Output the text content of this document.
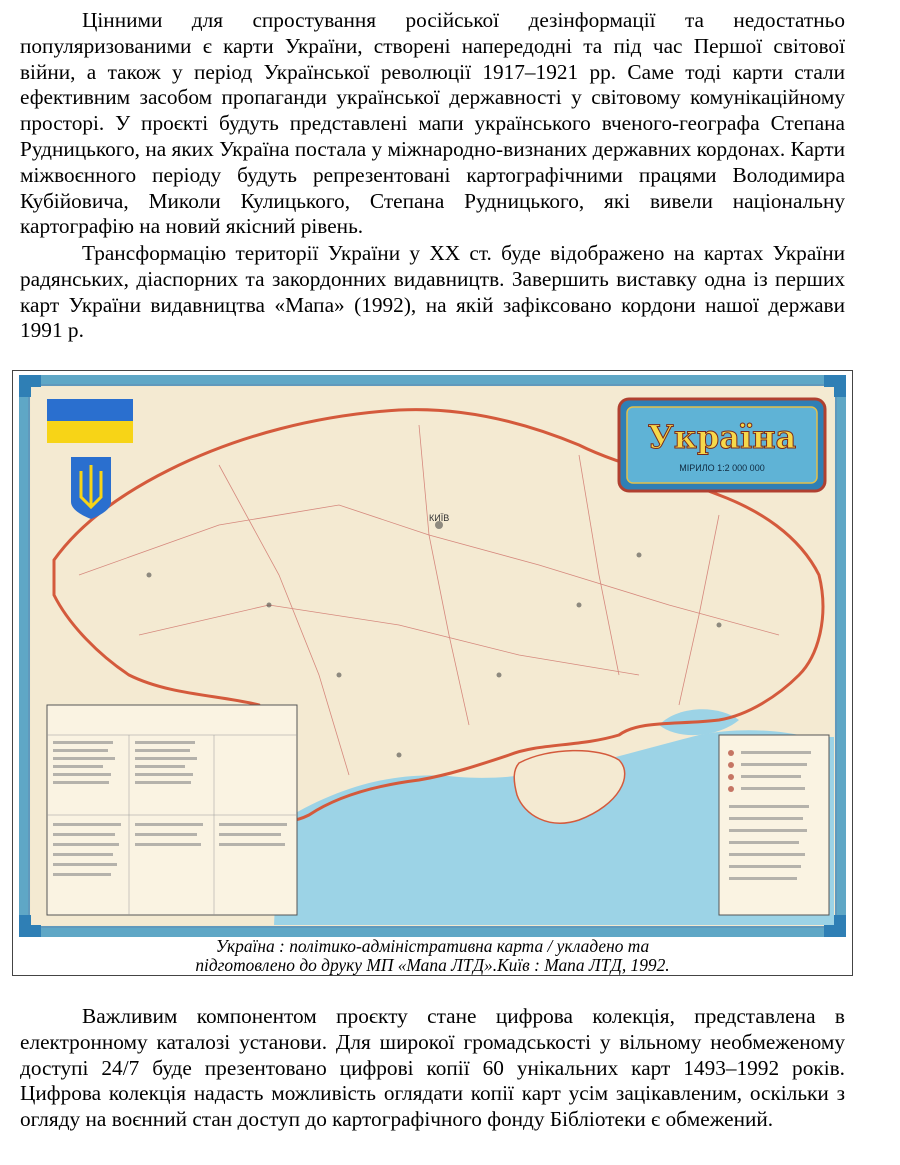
Цінними для спростування російської дезінформації та недостатньо популяризованими є карти України, створені напередодні та під час Першої світової війни, а також у період Української революції 1917–1921 рр. Саме тоді карти стали ефективним засобом пропаганди української державності у світовому комунікаційному просторі. У проєкті будуть представлені мапи українського вченого-географа Степана Рудницького, на яких Україна постала у міжнародно-визнаних державних кордонах. Карти міжвоєнного періоду будуть репрезентовані картографічними працями Володимира Кубійовича, Миколи Кулицького, Степана Рудницького, які вивели національну картографію на новий якісний рівень.

Трансформацію території України у XX ст. буде відображено на картах України радянських, діаспорних та закордонних видавництв. Завершить виставку одна із перших карт України видавництва «Мапа» (1992), на якій зафіксовано кордони нашої держави 1991 р.

КИЇВ
Україна
МІРИЛО 1:2 000 000
Україна : політико-адміністративна карта / укладено та
підготовлено до друку МП «Мапа ЛТД».Київ : Мапа ЛТД, 1992.

Важливим компонентом проєкту стане цифрова колекція, представлена в електронному каталозі установи. Для широкої громадськості у вільному необмеженому доступі 24/7 буде презентовано цифрові копії 60 унікальних карт 1493–1992 років. Цифрова колекція надасть можливість оглядати копії карт усім зацікавленим, оскільки з огляду на воєнний стан доступ до картографічного фонду Бібліотеки є обмежений.
